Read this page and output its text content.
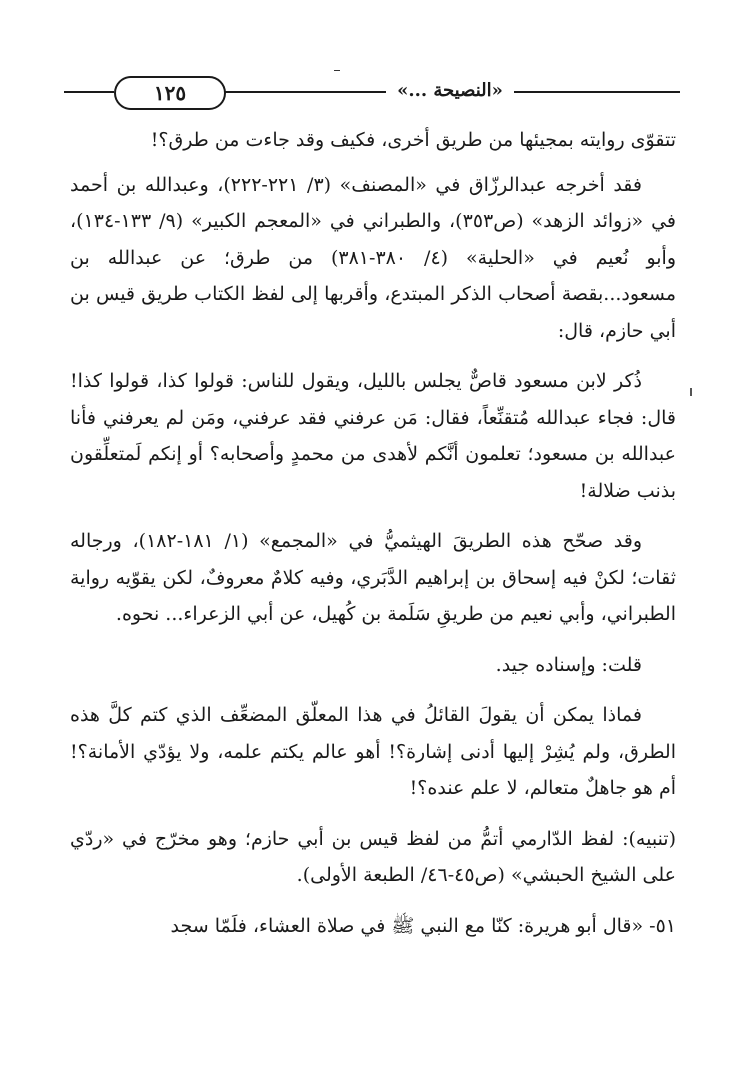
١٢٥	«النصيحة ...»

تتقوّى روايته بمجيئها من طريق أخرى، فكيف وقد جاءت من طرق؟!

فقد أخرجه عبدالرزّاق في «المصنف» (٣/ ٢٢١-٢٢٢)، وعبدالله بن أحمد في «زوائد الزهد» (ص٣٥٣)، والطبراني في «المعجم الكبير» (٩/ ١٣٣-١٣٤)، وأبو نُعيم في «الحلية» (٤/ ٣٨٠-٣٨١) من طرق؛ عن عبدالله بن مسعود...بقصة أصحاب الذكر المبتدع، وأقربها إلى لفظ الكتاب طريق قيس بن أبي حازم، قال:

ذُكر لابن مسعود قاصٌّ يجلس بالليل، ويقول للناس: قولوا كذا، قولوا كذا! قال: فجاء عبدالله مُتقنِّعاً، فقال: مَن عرفني فقد عرفني، ومَن لم يعرفني فأنا عبدالله بن مسعود؛ تعلمون أنَّكم لأهدى من محمدٍ وأصحابه؟ أو إنكم لَمتعلِّقون بذنب ضلالة!

وقد صحّح هذه الطريقَ الهيثميُّ في «المجمع» (١/ ١٨١-١٨٢)، ورجاله ثقات؛ لكنْ فيه إسحاق بن إبراهيم الدَّبَري، وفيه كلامٌ معروفٌ، لكن يقوّيه رواية الطبراني، وأبي نعيم من طريقِ سَلَمة بن كُهيل، عن أبي الزعراء... نحوه.

قلت: وإسناده جيد.

فماذا يمكن أن يقولَ القائلُ في هذا المعلّق المضعِّف الذي كتم كلَّ هذه الطرق، ولم يُشِرْ إليها أدنى إشارة؟! أهو عالم يكتم علمه، ولا يؤدّي الأمانة؟! أم هو جاهلٌ متعالم، لا علم عنده؟!

(تنبيه): لفظ الدّارمي أتمُّ من لفظ قيس بن أبي حازم؛ وهو مخرّج في «ردّي على الشيخ الحبشي» (ص٤٥-٤٦/ الطبعة الأولى).

٥١- «قال أبو هريرة: كنّا مع النبي ﷺ في صلاة العشاء، فلَمّا سجد
